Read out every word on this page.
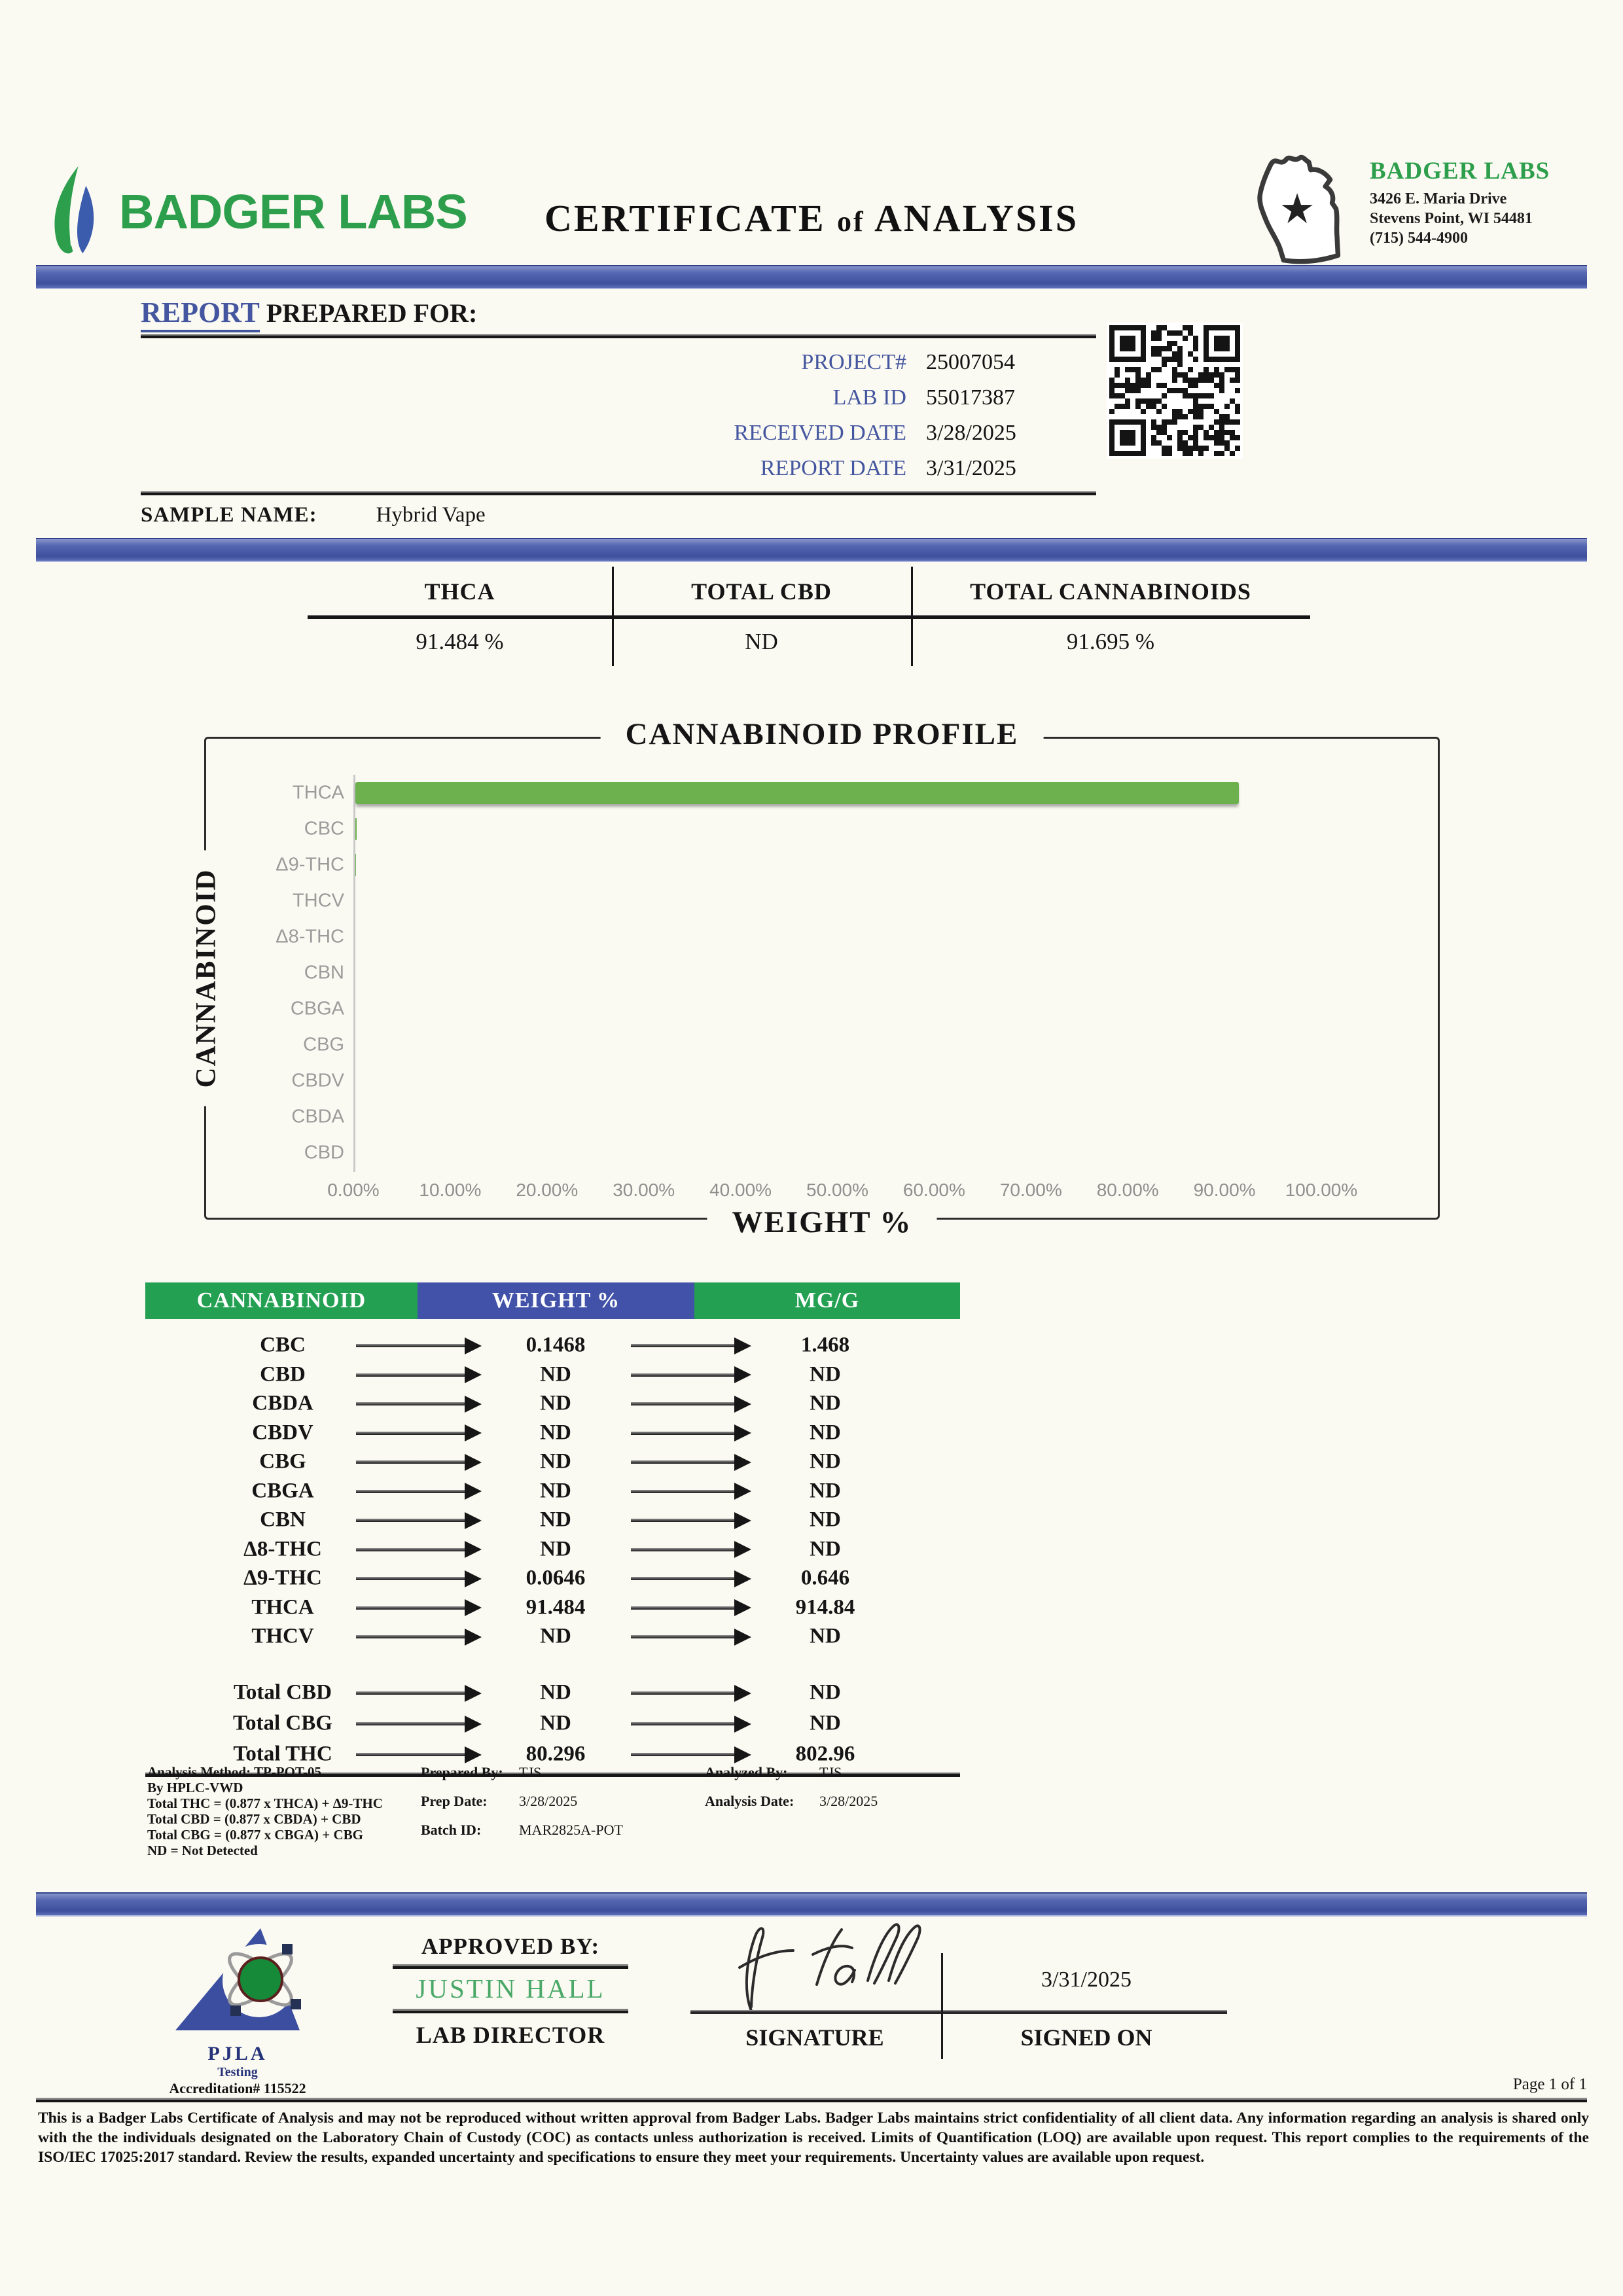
BADGER LABS	CERTIFICATE of ANALYSIS
BADGER LABS
3426 E. Maria Drive
Stevens Point, WI 54481
(715) 544-4900
REPORT PREPARED FOR:
PROJECT# 25007054
LAB ID 55017387
RECEIVED DATE 3/28/2025
REPORT DATE 3/31/2025
SAMPLE NAME:	Hybrid Vape
THCA	TOTAL CBD	TOTAL CANNABINOIDS
91.484 %	ND	91.695 %
CANNABINOID PROFILE
CANNABINOID
WEIGHT %
THCA
CBC
Δ9-THC
THCV
Δ8-THC
CBN
CBGA
CBG
CBDV
CBDA
CBD
0.00% 10.00% 20.00% 30.00% 40.00% 50.00% 60.00% 70.00% 80.00% 90.00% 100.00%
CANNABINOID	WEIGHT %	MG/G
CBC	0.1468	1.468
CBD	ND	ND
CBDA	ND	ND
CBDV	ND	ND
CBG	ND	ND
CBGA	ND	ND
CBN	ND	ND
Δ8-THC	ND	ND
Δ9-THC	0.0646	0.646
THCA	91.484	914.84
THCV	ND	ND
Total CBD	ND	ND
Total CBG	ND	ND
Total THC	80.296	802.96
Analysis Method: TP-POT-05
By HPLC-VWD
Total THC = (0.877 x THCA) + Δ9-THC
Total CBD = (0.877 x CBDA) + CBD
Total CBG = (0.877 x CBGA) + CBG
ND = Not Detected
Prepared By:	TJS
Prep Date:	3/28/2025
Batch ID:	MAR2825A-POT
Analyzed By:	TJS
Analysis Date:	3/28/2025
PJLA
Testing
Accreditation# 115522
APPROVED BY:
JUSTIN HALL
LAB DIRECTOR
3/31/2025
SIGNATURE	SIGNED ON
Page 1 of 1
This is a Badger Labs Certificate of Analysis and may not be reproduced without written approval from Badger Labs. Badger Labs maintains strict confidentiality of all client data. Any information regarding an analysis is shared only with the the individuals designated on the Laboratory Chain of Custody (COC) as contacts unless authorization is received. Limits of Quantification (LOQ) are available upon request. This report complies to the requirements of the ISO/IEC 17025:2017 standard. Review the results, expanded uncertainty and specifications to ensure they meet your requirements. Uncertainty values are available upon request.
